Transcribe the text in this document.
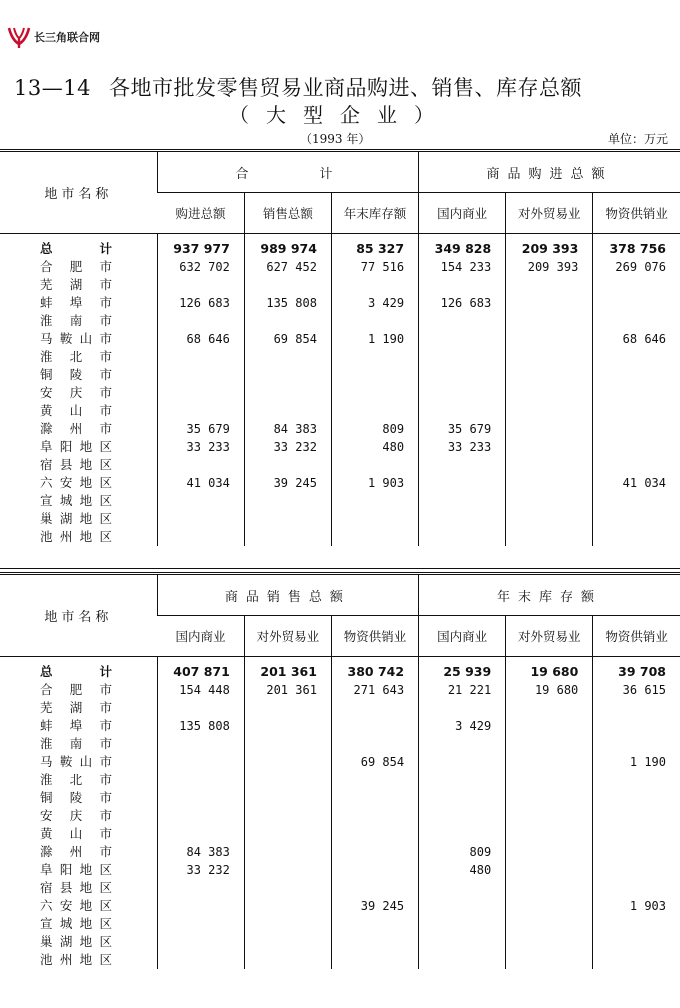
长三角联合网
13—14 各地市批发零售贸易业商品购进、销售、库存总额
（大型企业）
（1993 年）	单位：万元
地市名称	合　　　计			商品购进总额		
	购进总额	销售总额	年末库存额	国内商业	对外贸易业	物资供销业

总计	937 977	989 974	85 327	349 828	209 393	378 756
合肥市	632 702	627 452	77 516	154 233	209 393	269 076
芜湖市						
蚌埠市	126 683	135 808	3 429	126 683		
淮南市						
马鞍山市	68 646	69 854	1 190			68 646
淮北市						
铜陵市						
安庆市						
黄山市						
滁州市	35 679	84 383	809	35 679		
阜阳地区	33 233	33 232	480	33 233		
宿县地区						
六安地区	41 034	39 245	1 903			41 034
宣城地区						
巢湖地区						
池州地区						
地市名称	商品销售总额			年末库存额		
	国内商业	对外贸易业	物资供销业	国内商业	对外贸易业	物资供销业

总计	407 871	201 361	380 742	25 939	19 680	39 708
合肥市	154 448	201 361	271 643	21 221	19 680	36 615
芜湖市						
蚌埠市	135 808			3 429		
淮南市						
马鞍山市			69 854			1 190
淮北市						
铜陵市						
安庆市						
黄山市						
滁州市	84 383			809		
阜阳地区	33 232			480		
宿县地区						
六安地区			39 245			1 903
宣城地区						
巢湖地区						
池州地区						
